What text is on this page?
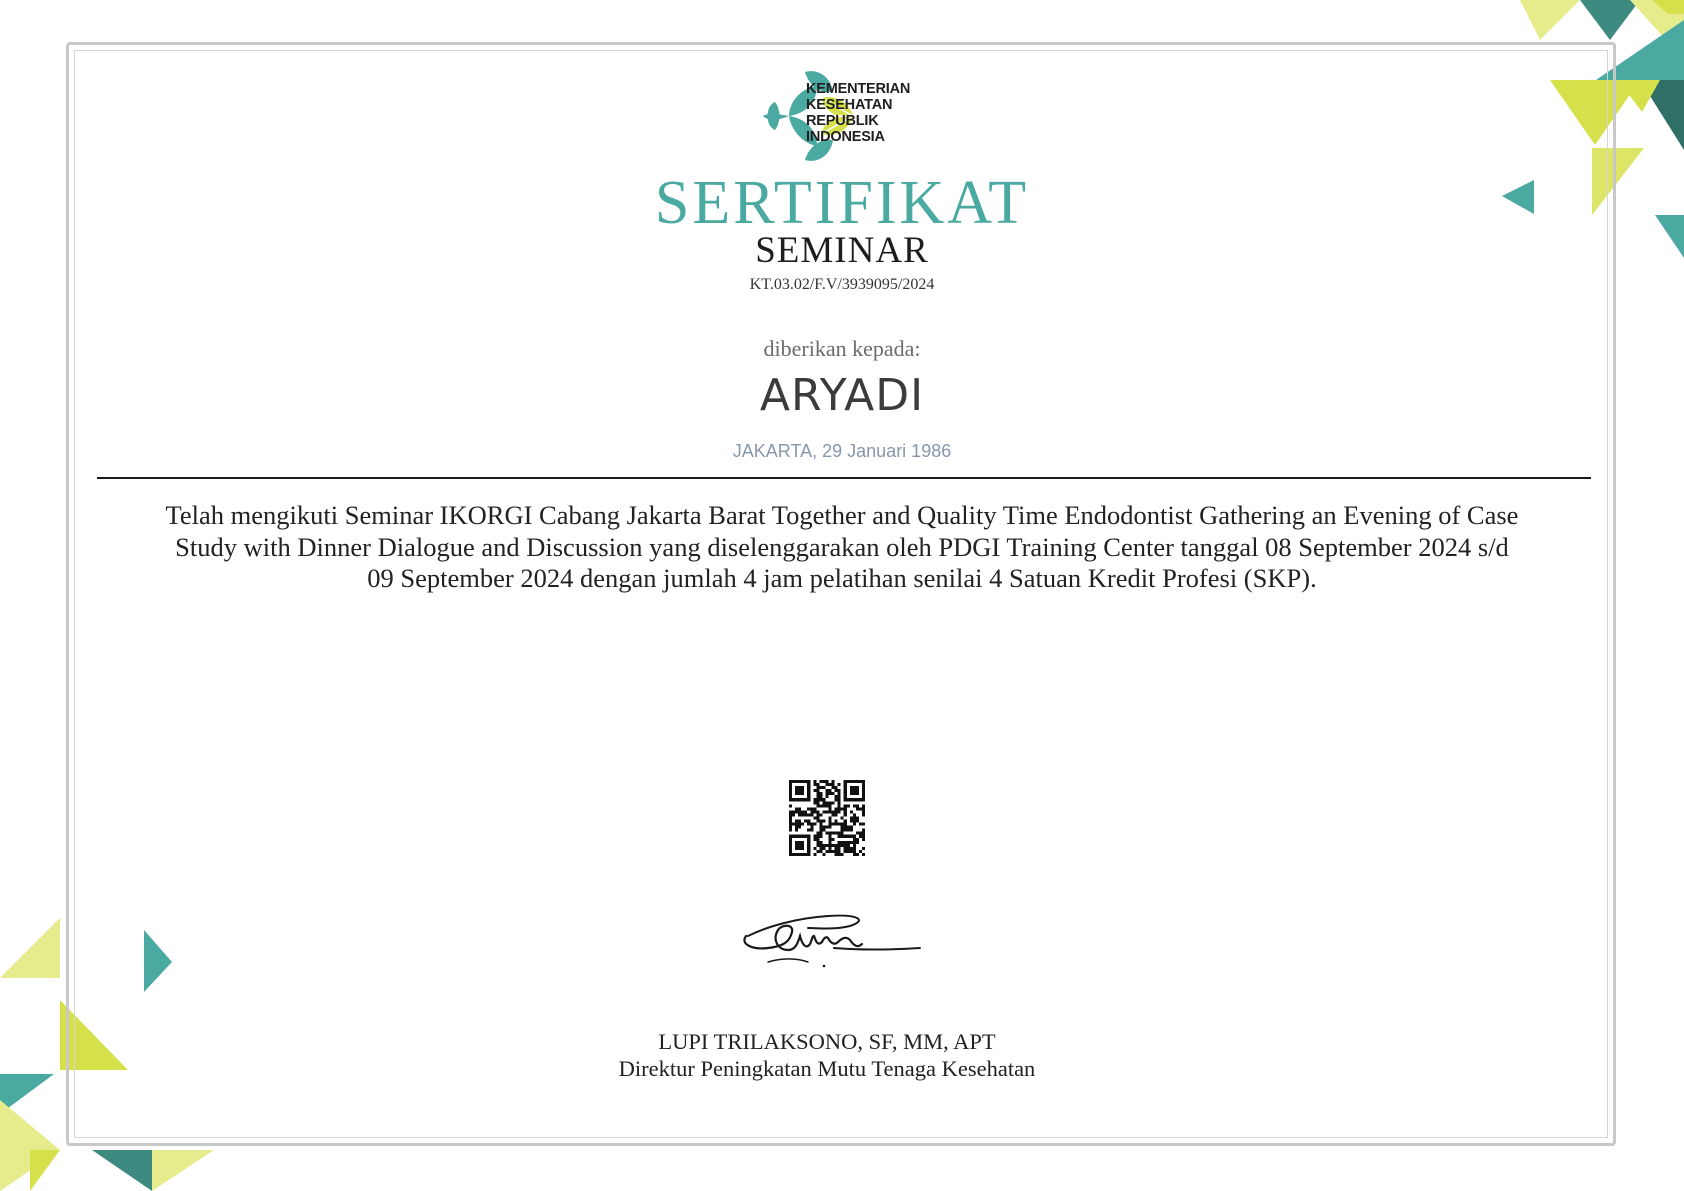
KEMENTERIAN
KESEHATAN
REPUBLIK
INDONESIA
SERTIFIKAT
SEMINAR
KT.03.02/F.V/3939095/2024
diberikan kepada:
ARYADI
JAKARTA, 29 Januari 1986
Telah mengikuti Seminar IKORGI Cabang Jakarta Barat Together and Quality Time Endodontist Gathering an Evening of Case Study with Dinner Dialogue and Discussion yang diselenggarakan oleh PDGI Training Center tanggal 08 September 2024 s/d 09 September 2024 dengan jumlah 4 jam pelatihan senilai 4 Satuan Kredit Profesi (SKP).
LUPI TRILAKSONO, SF, MM, APT
Direktur Peningkatan Mutu Tenaga Kesehatan
